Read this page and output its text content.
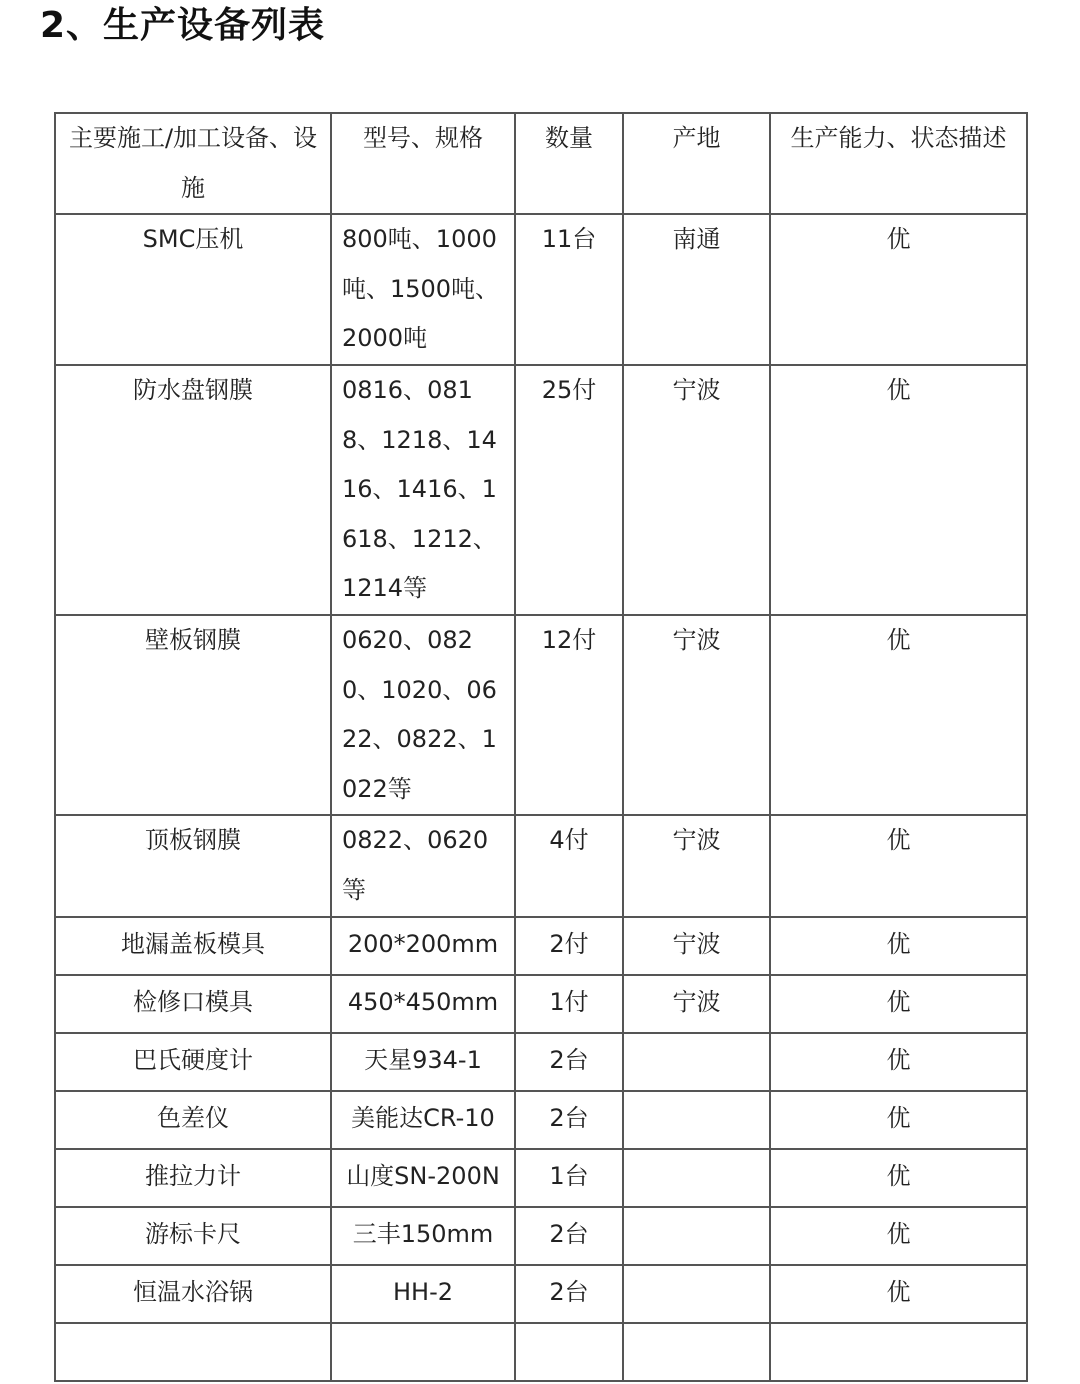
2、生产设备列表
主要施工/加工设备、设施	型号、规格	数量	产地	生产能力、状态描述
SMC压机	800吨、1000吨、1500吨、2000吨	11台	南通	优
防水盘钢膜	0816、0818、1218、1416、1416、1618、1212、1214等	25付	宁波	优
壁板钢膜	0620、0820、1020、0622、0822、1022等	12付	宁波	优
顶板钢膜	0822、0620等	4付	宁波	优
地漏盖板模具	200*200mm	2付	宁波	优
检修口模具	450*450mm	1付	宁波	优
巴氏硬度计	天星934-1	2台		优
色差仪	美能达CR-10	2台		优
推拉力计	山度SN-200N	1台		优
游标卡尺	三丰150mm	2台		优
恒温水浴锅	HH-2	2台		优
